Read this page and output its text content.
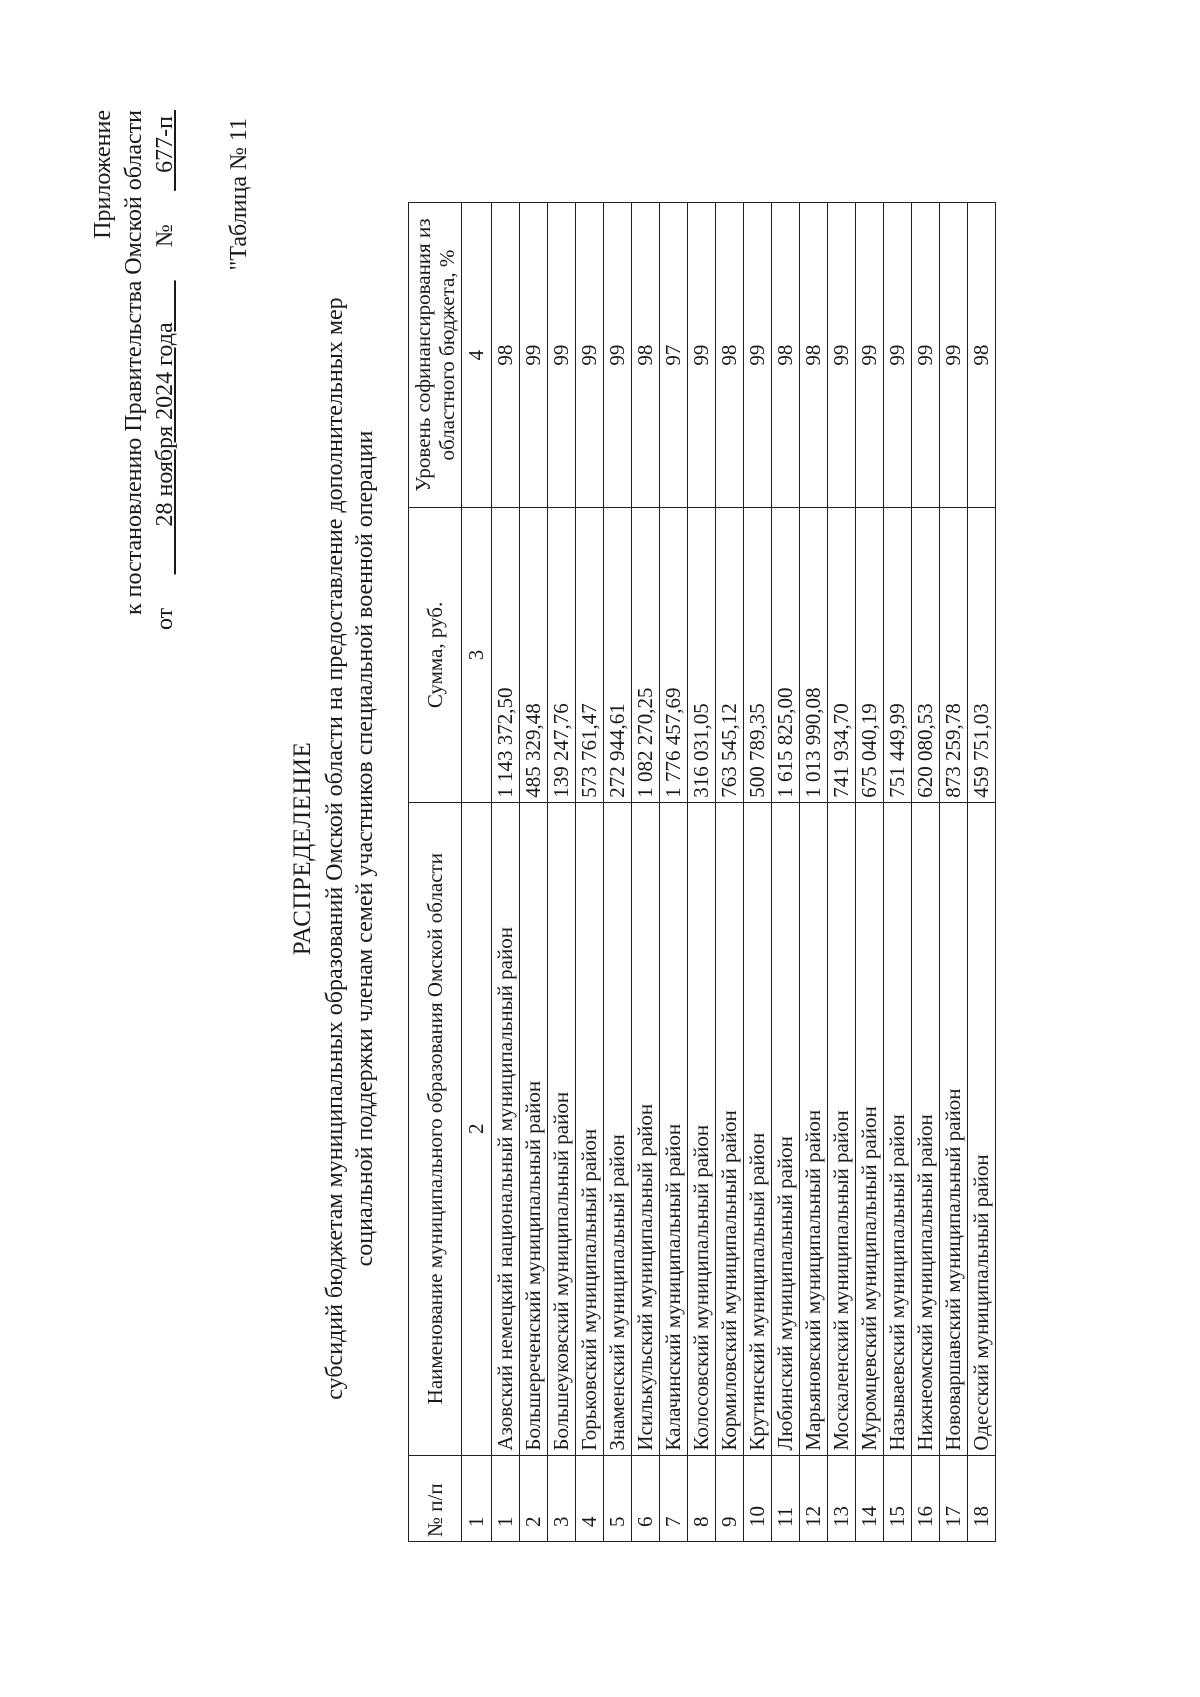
Приложение к постановлению Правительства Омской области
от
28 ноября 2024 года
№
677-п "Таблица № 11
РАСПРЕДЕЛЕНИЕ субсидий бюджетам муниципальных образований Омской области на предоставление дополнительных мер социальной поддержки членам семей участников специальной военной операции
№ п/п	Наименование муниципального образования Омской области	Сумма, руб.	Уровень софинансирования из областного бюджета, %
1	2	3	4
1	Азовский немецкий национальный муниципальный район	1 143 372,50	98
2	Большереченский муниципальный район	485 329,48	99
3	Большеуковский муниципальный район	139 247,76	99
4	Горьковский муниципальный район	573 761,47	99
5	Знаменский муниципальный район	272 944,61	99
6	Исилькульский муниципальный район	1 082 270,25	98
7	Калачинский муниципальный район	1 776 457,69	97
8	Колосовский муниципальный район	316 031,05	99
9	Кормиловский муниципальный район	763 545,12	98
10	Крутинский муниципальный район	500 789,35	99
11	Любинский муниципальный район	1 615 825,00	98
12	Марьяновский муниципальный район	1 013 990,08	98
13	Москаленский муниципальный район	741 934,70	99
14	Муромцевский муниципальный район	675 040,19	99
15	Называевский муниципальный район	751 449,99	99
16	Нижнеомский муниципальный район	620 080,53	99
17	Нововаршавский муниципальный район	873 259,78	99
18	Одесский муниципальный район	459 751,03	98
